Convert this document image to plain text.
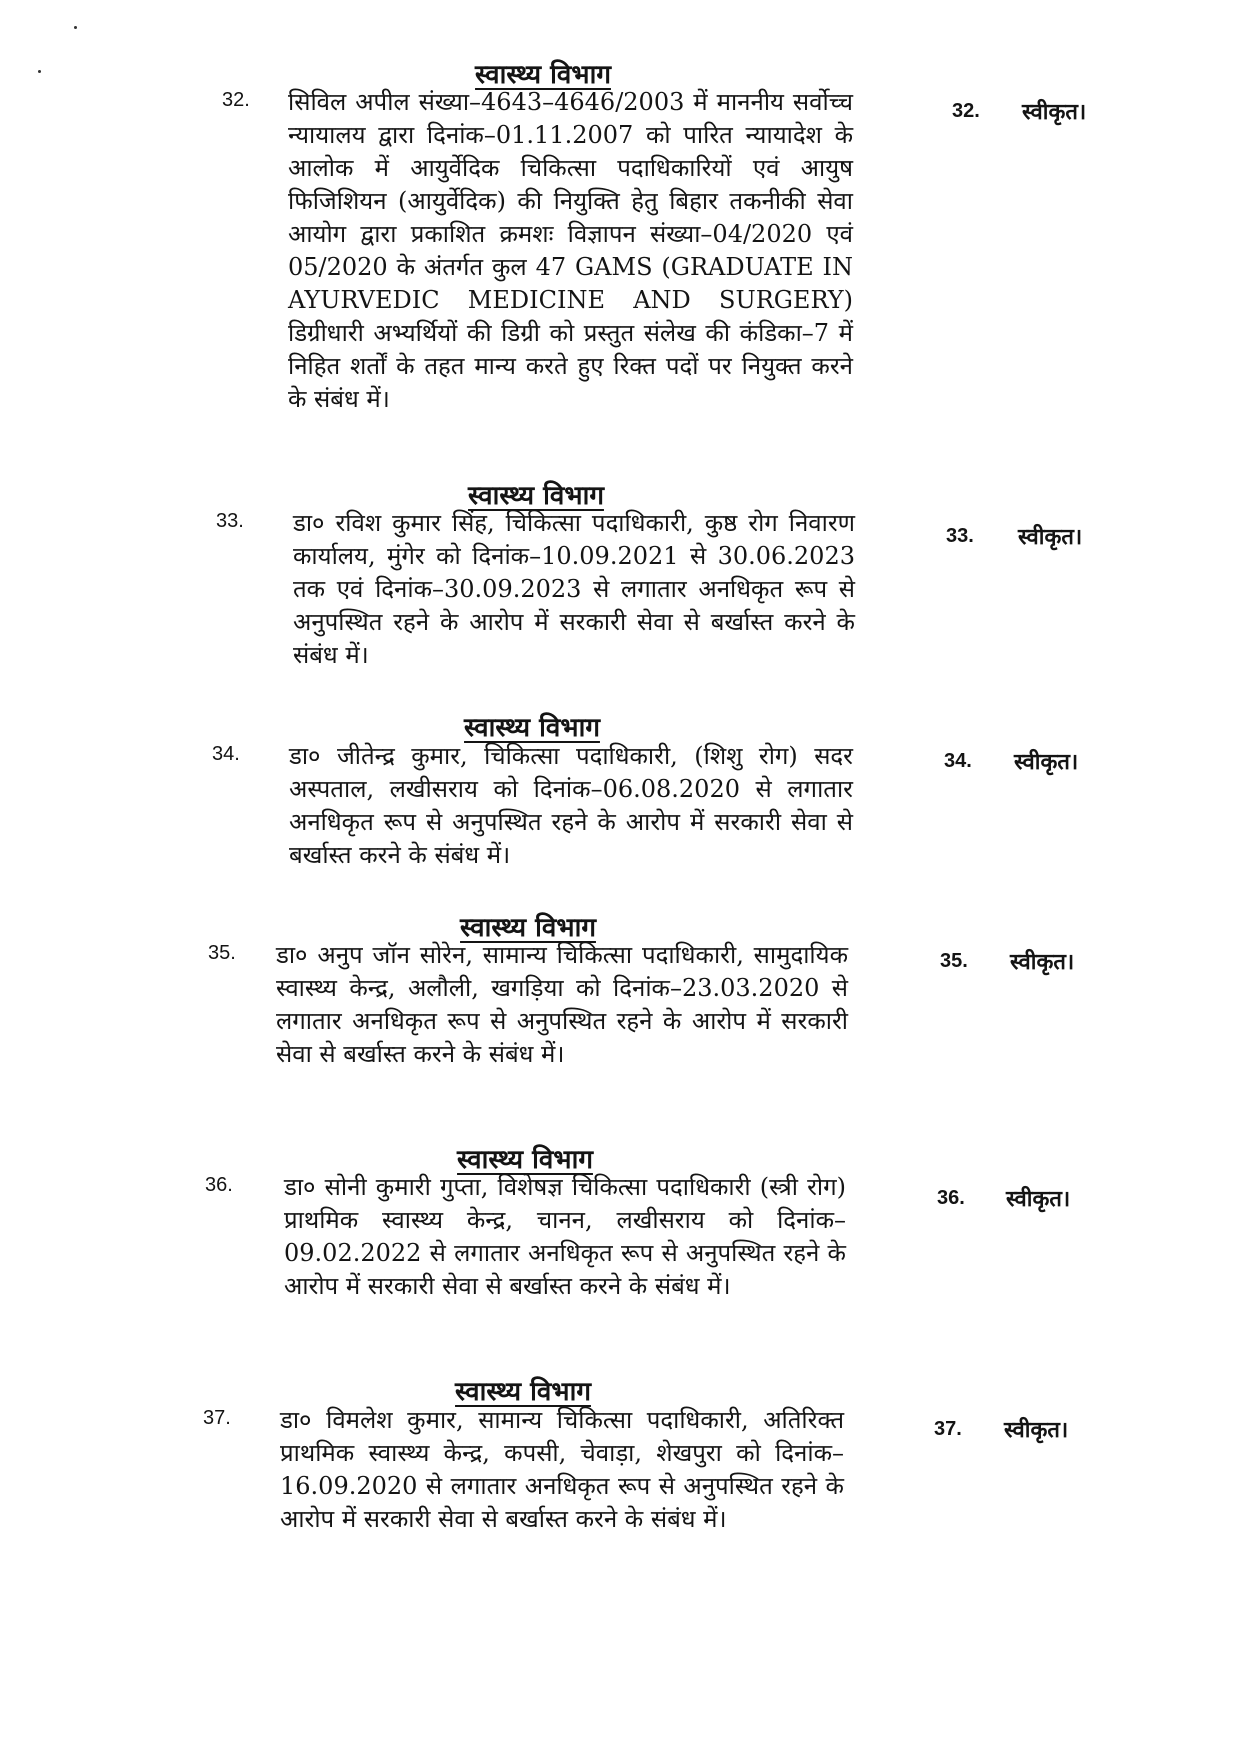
स्वास्थ्य विभाग
32. सिविल अपील संख्या–4643–4646/2003 में माननीय सर्वोच्च न्यायालय द्वारा दिनांक–01.11.2007 को पारित न्यायादेश के आलोक में आयुर्वेदिक चिकित्सा पदाधिकारियों एवं आयुष फिजिशियन (आयुर्वेदिक) की नियुक्ति हेतु बिहार तकनीकी सेवा आयोग द्वारा प्रकाशित क्रमशः विज्ञापन संख्या–04/2020 एवं 05/2020 के अंतर्गत कुल 47 GAMS (GRADUATE IN AYURVEDIC MEDICINE AND SURGERY) डिग्रीधारी अभ्यर्थियों की डिग्री को प्रस्तुत संलेख की कंडिका–7 में निहित शर्तों के तहत मान्य करते हुए रिक्त पदों पर नियुक्त करने के संबंध में।
32. स्वीकृत।
स्वास्थ्य विभाग
33. डा० रविश कुमार सिंह, चिकित्सा पदाधिकारी, कुष्ठ रोग निवारण कार्यालय, मुंगेर को दिनांक–10.09.2021 से 30.06.2023 तक एवं दिनांक–30.09.2023 से लगातार अनधिकृत रूप से अनुपस्थित रहने के आरोप में सरकारी सेवा से बर्खास्त करने के संबंध में।
33. स्वीकृत।
स्वास्थ्य विभाग
34. डा० जीतेन्द्र कुमार, चिकित्सा पदाधिकारी, (शिशु रोग) सदर अस्पताल, लखीसराय को दिनांक–06.08.2020 से लगातार अनधिकृत रूप से अनुपस्थित रहने के आरोप में सरकारी सेवा से बर्खास्त करने के संबंध में।
34. स्वीकृत।
स्वास्थ्य विभाग
35. डा० अनुप जॉन सोरेन, सामान्य चिकित्सा पदाधिकारी, सामुदायिक स्वास्थ्य केन्द्र, अलौली, खगड़िया को दिनांक–23.03.2020 से लगातार अनधिकृत रूप से अनुपस्थित रहने के आरोप में सरकारी सेवा से बर्खास्त करने के संबंध में।
35. स्वीकृत।
स्वास्थ्य विभाग
36. डा० सोनी कुमारी गुप्ता, विशेषज्ञ चिकित्सा पदाधिकारी (स्त्री रोग) प्राथमिक स्वास्थ्य केन्द्र, चानन, लखीसराय को दिनांक–09.02.2022 से लगातार अनधिकृत रूप से अनुपस्थित रहने के आरोप में सरकारी सेवा से बर्खास्त करने के संबंध में।
36. स्वीकृत।
स्वास्थ्य विभाग
37. डा० विमलेश कुमार, सामान्य चिकित्सा पदाधिकारी, अतिरिक्त प्राथमिक स्वास्थ्य केन्द्र, कपसी, चेवाड़ा, शेखपुरा को दिनांक–16.09.2020 से लगातार अनधिकृत रूप से अनुपस्थित रहने के आरोप में सरकारी सेवा से बर्खास्त करने के संबंध में।
37. स्वीकृत।
